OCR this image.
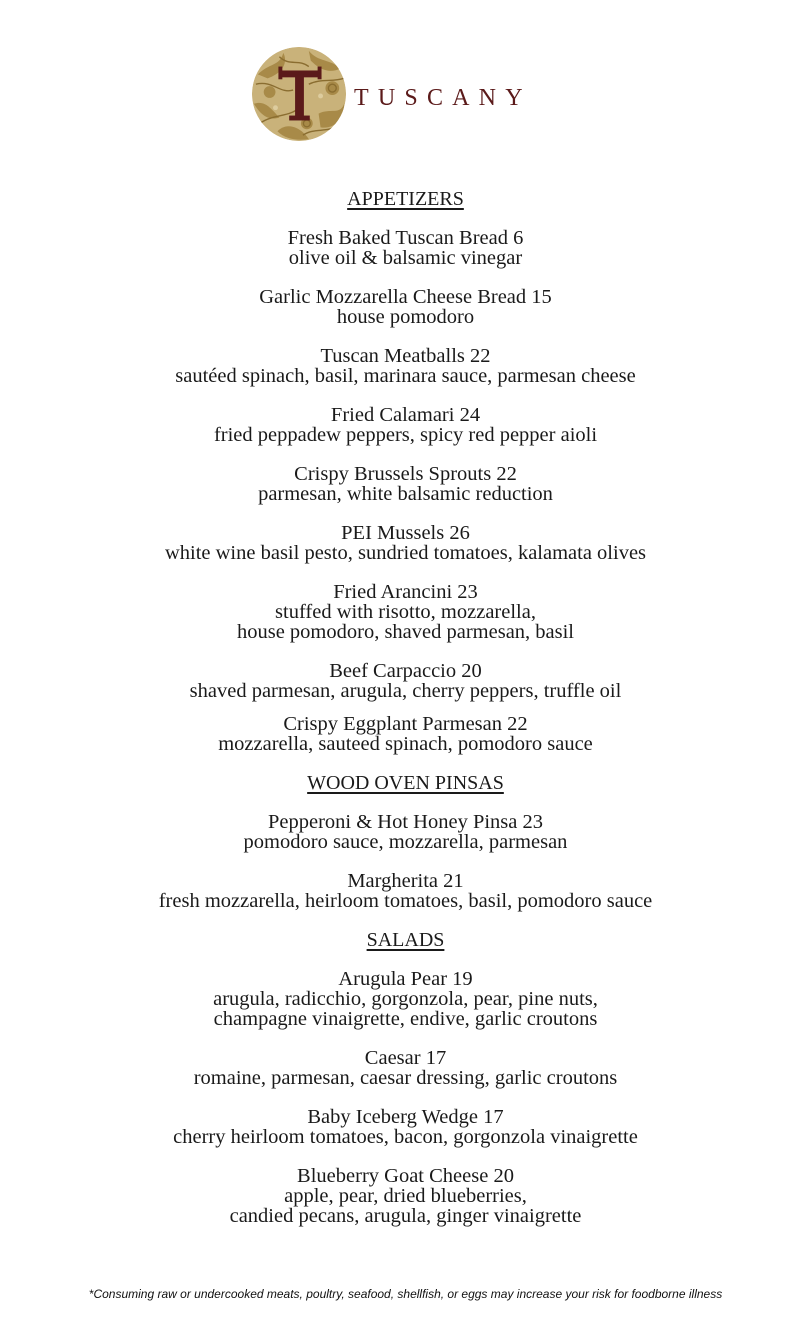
TUSCANY
APPETIZERS
Fresh Baked Tuscan Bread 6
olive oil & balsamic vinegar
Garlic Mozzarella Cheese Bread 15
house pomodoro
Tuscan Meatballs 22
sautéed spinach, basil, marinara sauce, parmesan cheese
Fried Calamari 24
fried peppadew peppers, spicy red pepper aioli
Crispy Brussels Sprouts 22
parmesan, white balsamic reduction
PEI Mussels 26
white wine basil pesto, sundried tomatoes, kalamata olives
Fried Arancini 23
stuffed with risotto, mozzarella,
house pomodoro, shaved parmesan, basil
Beef Carpaccio 20
shaved parmesan, arugula, cherry peppers, truffle oil
Crispy Eggplant Parmesan 22
mozzarella, sauteed spinach, pomodoro sauce
WOOD OVEN PINSAS
Pepperoni & Hot Honey Pinsa 23
pomodoro sauce, mozzarella, parmesan
Margherita 21
fresh mozzarella, heirloom tomatoes, basil, pomodoro sauce
SALADS
Arugula Pear 19
arugula, radicchio, gorgonzola, pear, pine nuts,
champagne vinaigrette, endive, garlic croutons
Caesar 17
romaine, parmesan, caesar dressing, garlic croutons
Baby Iceberg Wedge 17
cherry heirloom tomatoes, bacon, gorgonzola vinaigrette
Blueberry Goat Cheese 20
apple, pear, dried blueberries,
candied pecans, arugula, ginger vinaigrette
*Consuming raw or undercooked meats, poultry, seafood, shellfish, or eggs may increase your risk for foodborne illness
